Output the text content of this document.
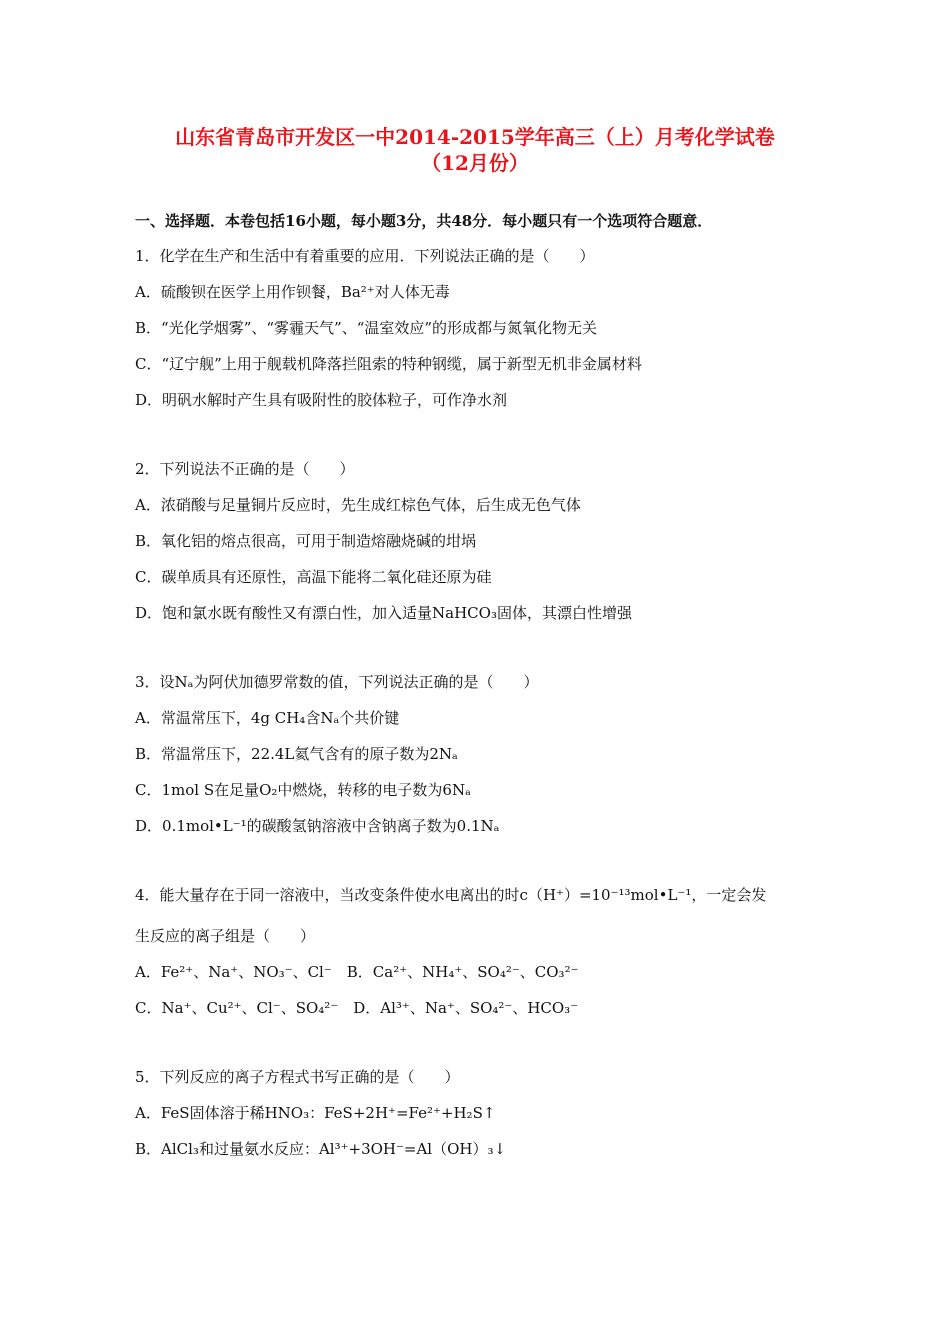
山东省青岛市开发区一中2014-2015学年高三（上）月考化学试卷
（12月份）
一、选择题．本卷包括16小题，每小题3分，共48分．每小题只有一个选项符合题意．
1．化学在生产和生活中有着重要的应用．下列说法正确的是（　　）
A．硫酸钡在医学上用作钡餐，Ba²⁺对人体无毒
B．“光化学烟雾”、“雾霾天气”、“温室效应”的形成都与氮氧化物无关
C．“辽宁舰”上用于舰载机降落拦阻索的特种钢缆，属于新型无机非金属材料
D．明矾水解时产生具有吸附性的胶体粒子，可作净水剂
2．下列说法不正确的是（　　）
A．浓硝酸与足量铜片反应时，先生成红棕色气体，后生成无色气体
B．氧化铝的熔点很高，可用于制造熔融烧碱的坩埚
C．碳单质具有还原性，高温下能将二氧化硅还原为硅
D．饱和氯水既有酸性又有漂白性，加入适量NaHCO₃固体，其漂白性增强
3．设Nₐ为阿伏加德罗常数的值，下列说法正确的是（　　）
A．常温常压下，4g CH₄含Nₐ个共价键
B．常温常压下，22.4L氦气含有的原子数为2Nₐ
C．1mol S在足量O₂中燃烧，转移的电子数为6Nₐ
D．0.1mol•L⁻¹的碳酸氢钠溶液中含钠离子数为0.1Nₐ
4．能大量存在于同一溶液中，当改变条件使水电离出的时c（H⁺）=10⁻¹³mol•L⁻¹，一定会发
生反应的离子组是（　　）
A．Fe²⁺、Na⁺、NO₃⁻、Cl⁻　B．Ca²⁺、NH₄⁺、SO₄²⁻、CO₃²⁻
C．Na⁺、Cu²⁺、Cl⁻、SO₄²⁻　D．Al³⁺、Na⁺、SO₄²⁻、HCO₃⁻
5．下列反应的离子方程式书写正确的是（　　）
A．FeS固体溶于稀HNO₃：FeS+2H⁺=Fe²⁺+H₂S↑
B．AlCl₃和过量氨水反应：Al³⁺+3OH⁻=Al（OH）₃↓
